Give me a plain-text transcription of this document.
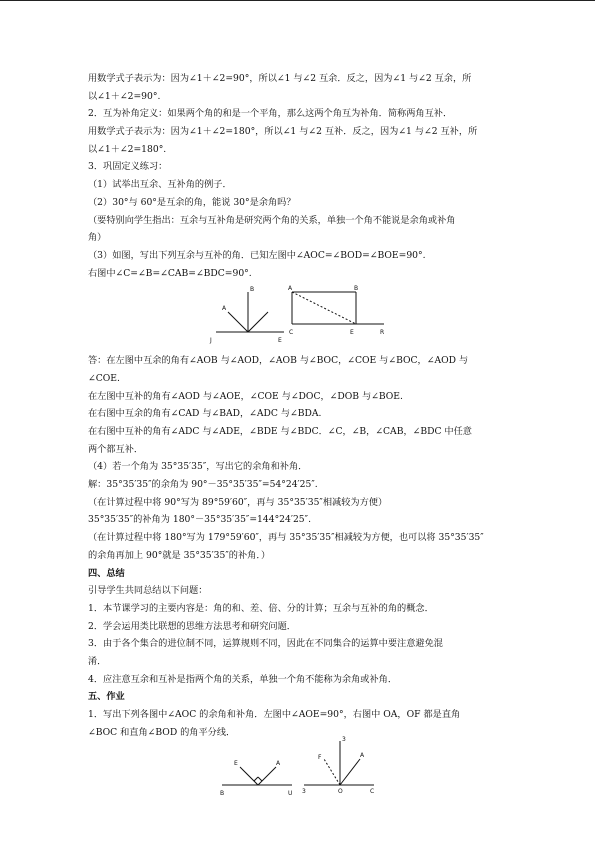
用数学式子表示为：因为∠1＋∠2=90°，所以∠1 与∠2 互余．反之，因为∠1 与∠2 互余，所
以∠1＋∠2=90°.
2．互为补角定义：如果两个角的和是一个平角，那么这两个角互为补角．简称两角互补．
用数学式子表示为：因为∠1＋∠2=180°，所以∠1 与∠2 互补．反之，因为∠1 与∠2 互补，所
以∠1＋∠2=180°.
3．巩固定义练习：
（1）试举出互余、互补角的例子．
（2）30°与 60°是互余的角，能说 30°是余角吗？
（要特别向学生指出：互余与互补角是研究两个角的关系，单独一个角不能说是余角或补角
角）
（3）如图，写出下列互余与互补的角．已知左图中∠AOC=∠BOD=∠BOE=90°.
右图中∠C=∠B=∠CAB=∠BDC=90°.
A
B
J	E
A	B
C	E	R
答：在左图中互余的角有∠AOB 与∠AOD，∠AOB 与∠BOC，∠COE 与∠BOC，∠AOD 与
∠COE.
在左图中互补的角有∠AOD 与∠AOE，∠COE 与∠DOC，∠DOB 与∠BOE.
在右图中互余的角有∠CAD 与∠BAD，∠ADC 与∠BDA.
在右图中互补的角有∠ADC 与∠ADE，∠BDE 与∠BDC．∠C，∠B，∠CAB，∠BDC 中任意
两个都互补．
（4）若一个角为 35°35′35″，写出它的余角和补角．
解：35°35′35″的余角为 90°－35°35′35″=54°24′25″.
（在计算过程中将 90°写为 89°59′60″，再与 35°35′35″相减较为方便）
35°35′35″的补角为 180°－35°35′35″=144°24′25″.
（在计算过程中将 180°写为 179°59′60″，再与 35°35′35″相减较为方便，也可以将 35°35′35″
的余角再加上 90°就是 35°35′35″的补角．）
四、总结
引导学生共同总结以下问题：
1．本节课学习的主要内容是：角的和、差、倍、分的计算；互余与互补的角的概念．
2．学会运用类比联想的思维方法思考和研究问题．
3．由于各个集合的进位制不同，运算规则不同，因此在不同集合的运算中要注意避免混
淆．
4．应注意互余和互补是指两个角的关系，单独一个角不能称为余角或补角．
五、作业
1．写出下列各图中∠AOC 的余角和补角．左图中∠AOE=90°，右图中 OA，OF 都是直角
∠BOC 和直角∠BOD 的角平分线．
E	A
B	U
3
F	A
3	O	C
